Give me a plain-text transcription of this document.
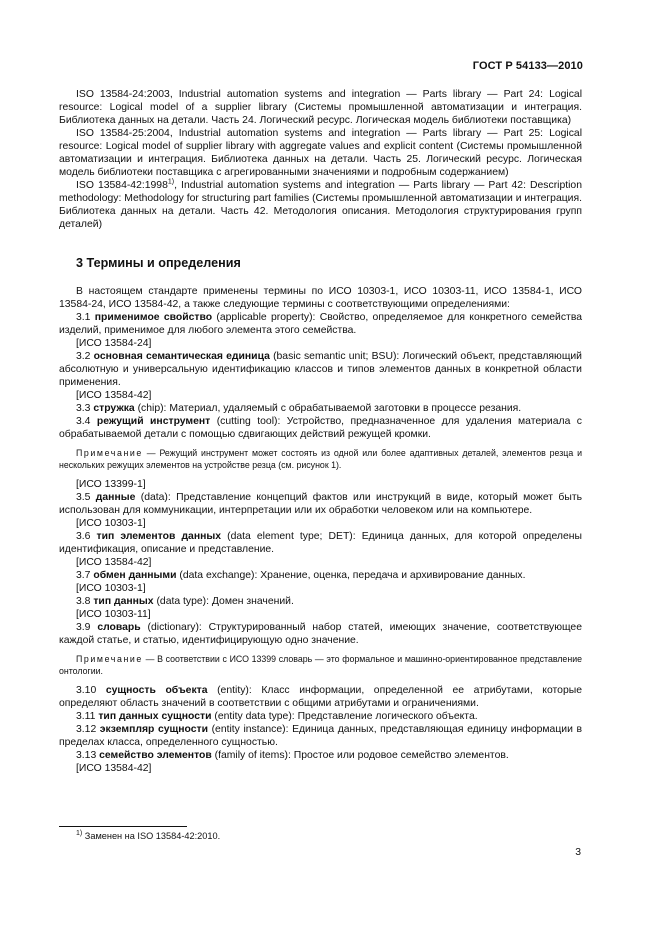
ГОСТ Р 54133—2010

ISO 13584-24:2003, Industrial automation systems and integration — Parts library — Part 24: Logical resource: Logical model of a supplier library (Системы промышленной автоматизации и интеграция. Библиотека данных на детали. Часть 24. Логический ресурс. Логическая модель библиотеки поставщика)

ISO 13584-25:2004, Industrial automation systems and integration — Parts library — Part 25: Logical resource: Logical model of supplier library with aggregate values and explicit content (Системы промышленной автоматизации и интеграция. Библиотека данных на детали. Часть 25. Логический ресурс. Логическая модель библиотеки поставщика с агрегированными значениями и подробным содержанием)

ISO 13584-42:1998$^{1)}$, Industrial automation systems and integration — Parts library — Part 42: Description methodology: Methodology for structuring part families (Системы промышленной автоматизации и интеграция. Библиотека данных на детали. Часть 42. Методология описания. Методология структурирования групп деталей)

3 Термины и определения

В настоящем стандарте применены термины по ИСО 10303-1, ИСО 10303-11, ИСО 13584-1, ИСО 13584-24, ИСО 13584-42, а также следующие термины с соответствующими определениями:

3.1 применимое свойство (applicable property): Свойство, определяемое для конкретного семейства изделий, применимое для любого элемента этого семейства.

[ИСО 13584-24]

3.2 основная семантическая единица (basic semantic unit; BSU): Логический объект, представляющий абсолютную и универсальную идентификацию классов и типов элементов данных в конкретной области применения.

[ИСО 13584-42]

3.3 стружка (chip): Материал, удаляемый с обрабатываемой заготовки в процессе резания.

3.4 режущий инструмент (cutting tool): Устройство, предназначенное для удаления материала с обрабатываемой детали с помощью сдвигающих действий режущей кромки.

Примечание — Режущий инструмент может состоять из одной или более адаптивных деталей, элементов резца и нескольких режущих элементов на устройстве резца (см. рисунок 1).

[ИСО 13399-1]

3.5 данные (data): Представление концепций фактов или инструкций в виде, который может быть использован для коммуникации, интерпретации или их обработки человеком или на компьютере.

[ИСО 10303-1]

3.6 тип элементов данных (data element type; DET): Единица данных, для которой определены идентификация, описание и представление.

[ИСО 13584-42]

3.7 обмен данными (data exchange): Хранение, оценка, передача и архивирование данных.

[ИСО 10303-1]

3.8 тип данных (data type): Домен значений.

[ИСО 10303-11]

3.9 словарь (dictionary): Структурированный набор статей, имеющих значение, соответствующее каждой статье, и статью, идентифицирующую одно значение.

Примечание — В соответствии с ИСО 13399 словарь — это формальное и машинно-ориентированное представление онтологии.

3.10 сущность объекта (entity): Класс информации, определенной ее атрибутами, которые определяют область значений в соответствии с общими атрибутами и ограничениями.

3.11 тип данных сущности (entity data type): Представление логического объекта.

3.12 экземпляр сущности (entity instance): Единица данных, представляющая единицу информации в пределах класса, определенного сущностью.

3.13 семейство элементов (family of items): Простое или родовое семейство элементов.

[ИСО 13584-42]

$^{1)}$ Заменен на ISO 13584-42:2010.
3
